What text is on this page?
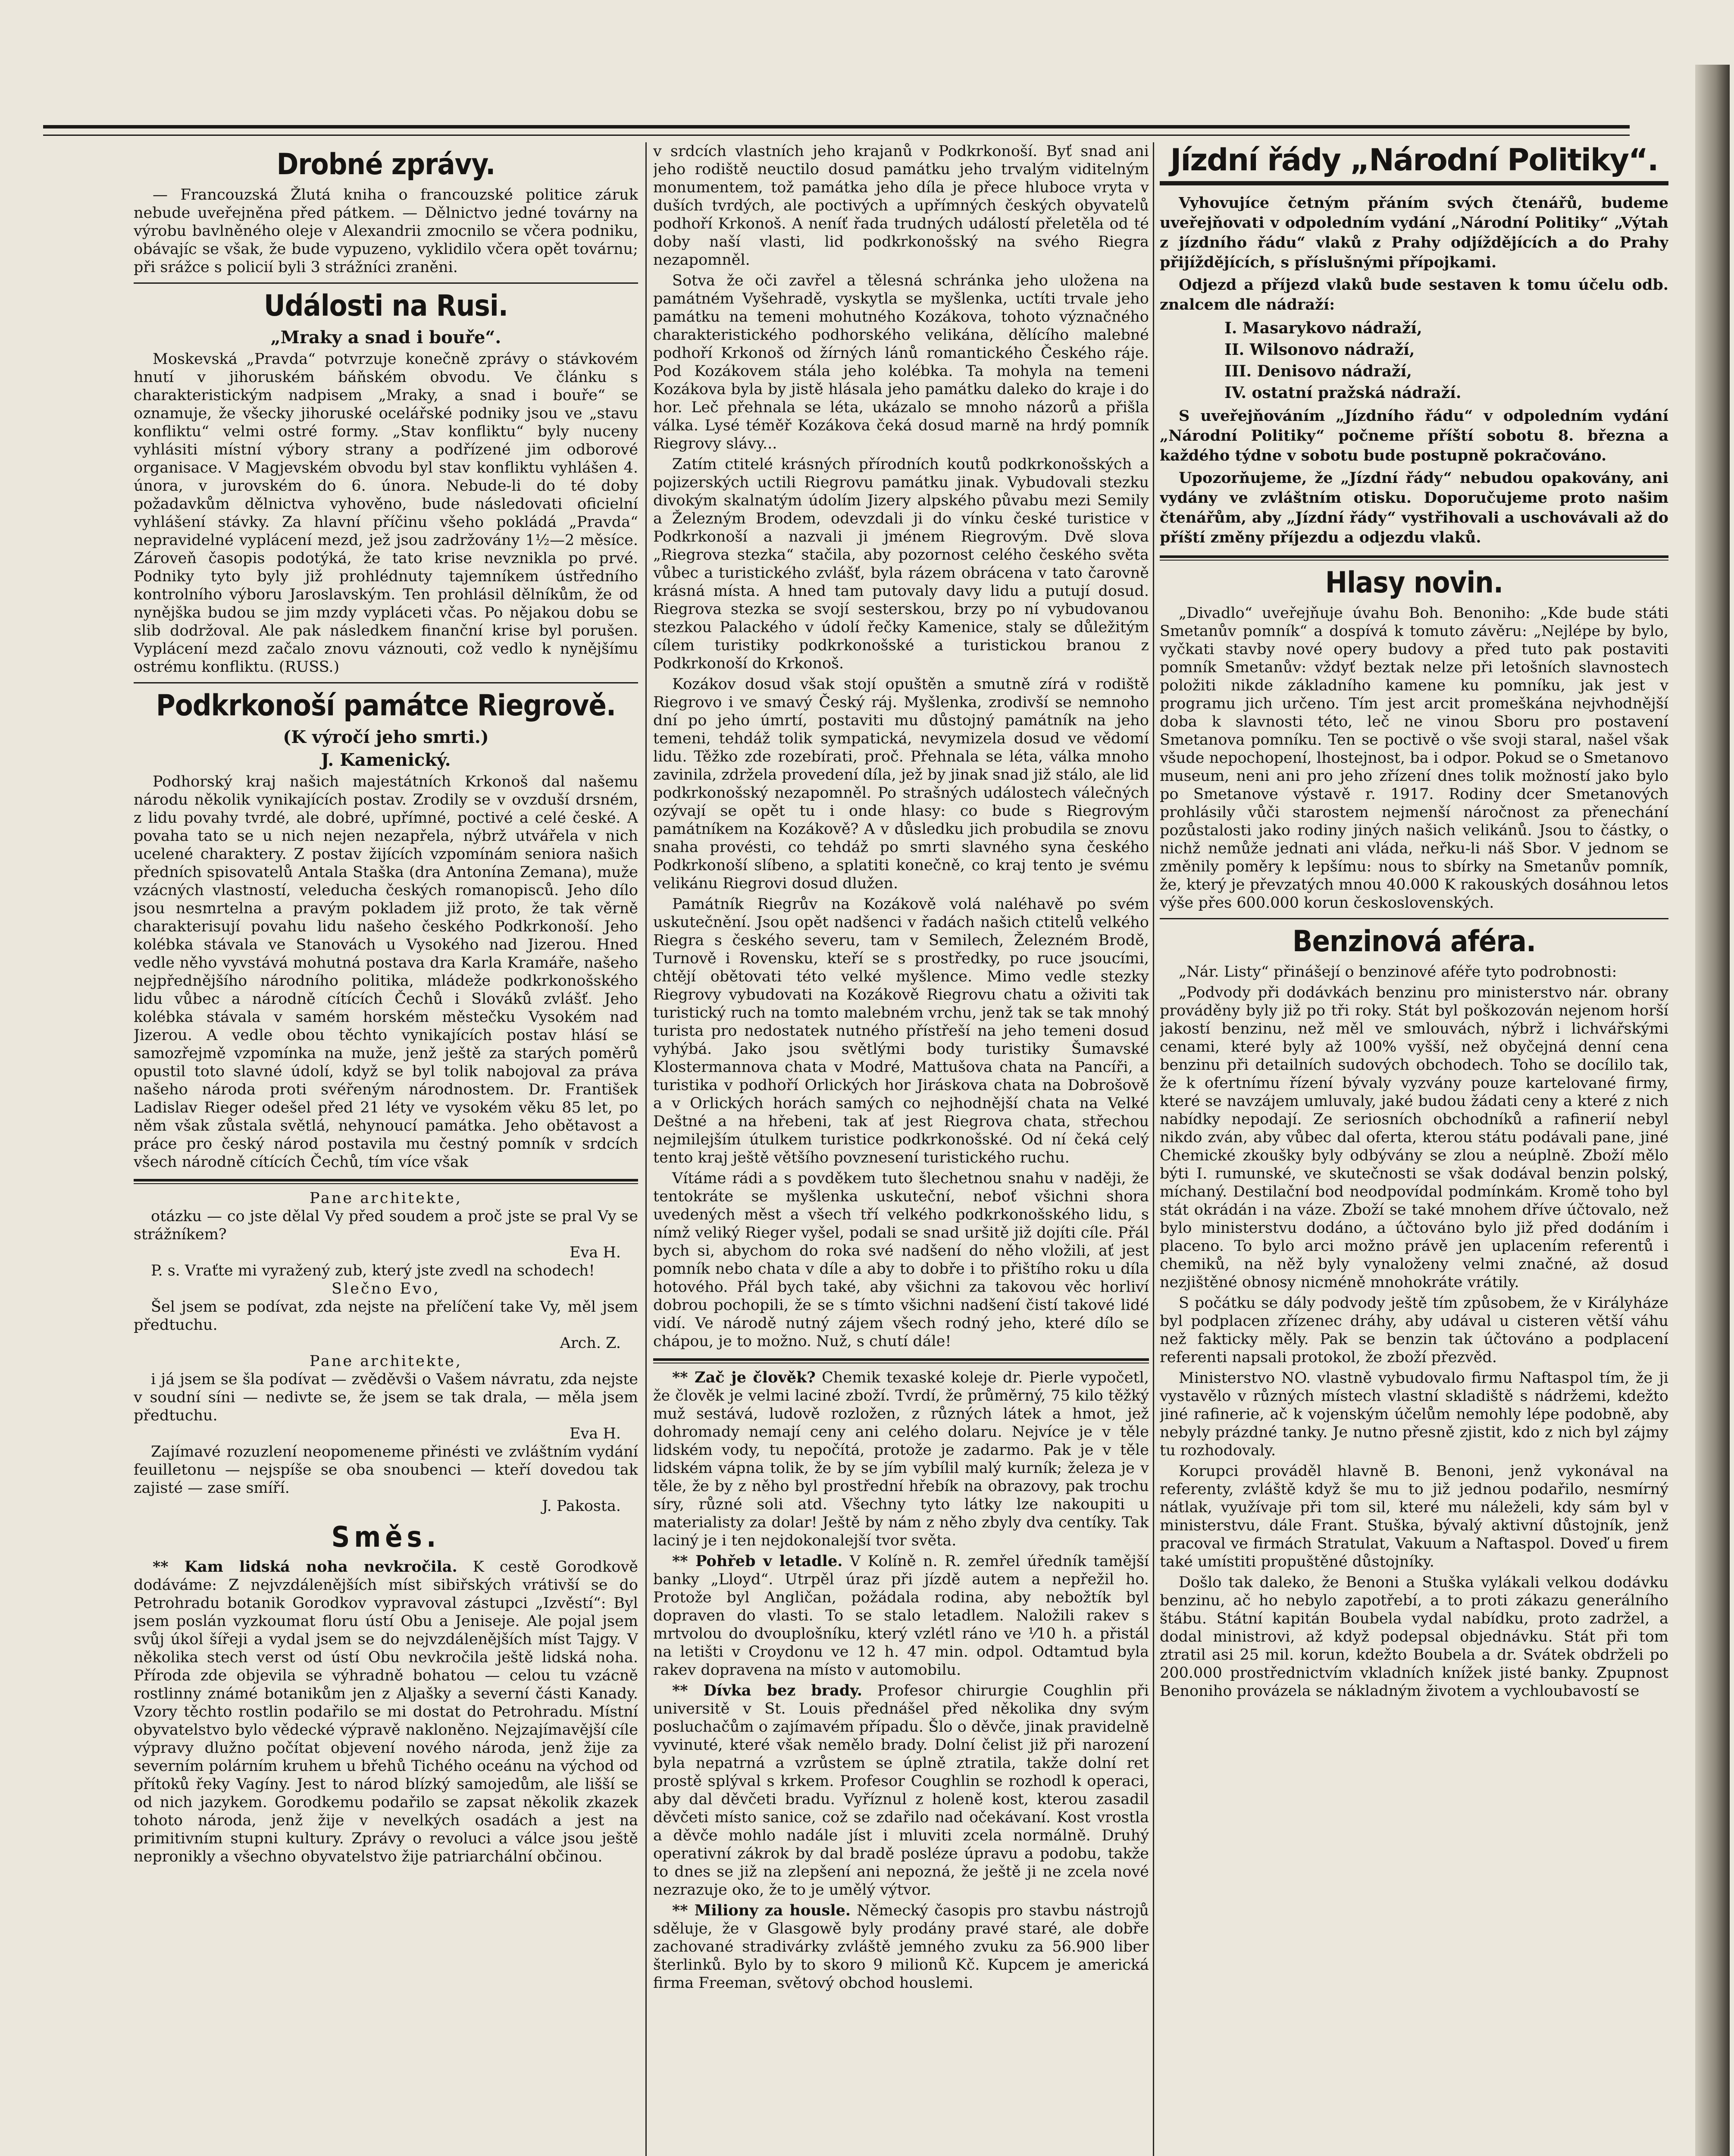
Drobné zprávy.

— Francouzská Žlutá kniha o francouzské politice záruk nebude uveřejněna před pátkem. — Dělnictvo jedné továrny na výrobu bavlněného oleje v Alexandrii zmocnilo se včera podniku, obávajíc se však, že bude vypuzeno, vyklidilo včera opět továrnu; při srážce s policií byli 3 strážníci zraněni.

Události na Rusi.
„Mraky a snad i bouře“.

Moskevská „Pravda“ potvrzuje konečně zprávy o stávkovém hnutí v jihoruském báňském obvodu. Ve článku s charakteristickým nadpisem „Mraky, a snad i bouře“ se oznamuje, že všecky jihoruské ocelářské podniky jsou ve „stavu konfliktu“ velmi ostré formy. „Stav konfliktu“ byly nuceny vyhlásiti místní výbory strany a podřízené jim odborové organisace. V Magjevském obvodu byl stav konfliktu vyhlášen 4. února, v jurovském do 6. února. Nebude-li do té doby požadavkům dělnictva vyhověno, bude následovati oficielní vyhlášení stávky. Za hlavní příčinu všeho pokládá „Pravda“ nepravidelné vyplácení mezd, jež jsou zadržovány 1½—2 měsíce. Zároveň časopis podotýká, že tato krise nevznikla po prvé. Podniky tyto byly již prohlédnuty tajemníkem ústředního kontrolního výboru Jaroslavským. Ten prohlásil dělníkům, že od nynějška budou se jim mzdy vypláceti včas. Po nějakou dobu se slib dodržoval. Ale pak následkem finanční krise byl porušen. Vyplácení mezd začalo znovu váznouti, což vedlo k nynějšímu ostrému konfliktu. (RUSS.)

Podkrkonoší památce Riegrově.
(K výročí jeho smrti.)
J. Kamenický.

Podhorský kraj našich majestátních Krkonoš dal našemu národu několik vynikajících postav. Zrodily se v ovzduší drsném, z lidu povahy tvrdé, ale dobré, upřímné, poctivé a celé české. A povaha tato se u nich nejen nezapřela, nýbrž utvářela v nich ucelené charaktery. Z postav žijících vzpomínám seniora našich předních spisovatelů Antala Staška (dra Antonína Zemana), muže vzácných vlastností, veleducha českých romanopisců. Jeho dílo jsou nesmrtelna a pravým pokladem již proto, že tak věrně charakterisují povahu lidu našeho českého Podkrkonoší. Jeho kolébka stávala ve Stanovách u Vysokého nad Jizerou. Hned vedle něho vyvstává mohutná postava dra Karla Kramáře, našeho nejpřednějšího národního politika, mládeže podkrkonošského lidu vůbec a národně cítících Čechů i Slováků zvlášť. Jeho kolébka stávala v samém horském městečku Vysokém nad Jizerou. A vedle obou těchto vynikajících postav hlásí se samozřejmě vzpomínka na muže, jenž ještě za starých poměrů opustil toto slavné údolí, když se byl tolik nabojoval za práva našeho národa proti svéřeným národnostem. Dr. František Ladislav Rieger odešel před 21 léty ve vysokém věku 85 let, po něm však zůstala světlá, nehynoucí památka. Jeho obětavost a práce pro český národ postavila mu čestný pomník v srdcích všech národně cítících Čechů, tím více však

Pane architekte,

otázku — co jste dělal Vy před soudem a proč jste se pral Vy se strážníkem?

Eva H.

P. s. Vraťte mi vyražený zub, který jste zvedl na schodech!

Slečno Evo,

Šel jsem se podívat, zda nejste na přelíčení take Vy, měl jsem předtuchu.

Arch. Z.

Pane architekte,

i já jsem se šla podívat — zvěděvši o Vašem návratu, zda nejste v soudní síni — nedivte se, že jsem se tak drala, — měla jsem předtuchu.

Eva H.

Zajímavé rozuzlení neopomeneme přinésti ve zvláštním vydání feuilletonu — nejspíše se oba snoubenci — kteří dovedou tak zajisté — zase smíří.

J. Pakosta.

Směs.

** Kam lidská noha nevkročila. K cestě Gorodkově dodáváme: Z nejvzdálenějších míst sibiřských vrátivší se do Petrohradu botanik Gorodkov vypravoval zástupci „Izvěstí“: Byl jsem poslán vyzkoumat floru ústí Obu a Jeniseje. Ale pojal jsem svůj úkol šířeji a vydal jsem se do nejvzdálenějších míst Tajgy. V několika stech verst od ústí Obu nevkročila ještě lidská noha. Příroda zde objevila se výhradně bohatou — celou tu vzácně rostlinny známé botanikům jen z Aljašky a severní části Kanady. Vzory těchto rostlin podařilo se mi dostat do Petrohradu. Místní obyvatelstvo bylo vědecké výpravě nakloněno. Nejzajímavější cíle výpravy dlužno počítat objevení nového národa, jenž žije za severním polárním kruhem u břehů Tichého oceánu na východ od přítoků řeky Vagíny. Jest to národ blízký samojedům, ale lišší se od nich jazykem. Gorodkemu podařilo se zapsat několik zkazek tohoto národa, jenž žije v nevelkých osadách a jest na primitivním stupni kultury. Zprávy o revoluci a válce jsou ještě nepronikly a všechno obyvatelstvo žije patriarchální občinou.

v srdcích vlastních jeho krajanů v Podkrkonoší. Byť snad ani jeho rodiště neuctilo dosud památku jeho trvalým viditelným monumentem, tož památka jeho díla je přece hluboce vryta v duších tvrdých, ale poctivých a upřímných českých obyvatelů podhoří Krkonoš. A neníť řada trudných událostí přeletěla od té doby naší vlasti, lid podkrkonošský na svého Riegra nezapomněl.

Sotva že oči zavřel a tělesná schránka jeho uložena na památném Vyšehradě, vyskytla se myšlenka, uctíti trvale jeho památku na temeni mohutného Kozákova, tohoto význačného charakteristického podhorského velikána, dělícího malebné podhoří Krkonoš od žírných lánů romantického Českého ráje. Pod Kozákovem stála jeho kolébka. Ta mohyla na temeni Kozákova byla by jistě hlásala jeho památku daleko do kraje i do hor. Leč přehnala se léta, ukázalo se mnoho názorů a přišla válka. Lysé téměř Kozákova čeká dosud marně na hrdý pomník Riegrovy slávy...

Zatím ctitelé krásných přírodních koutů podkrkonošských a pojizerských uctili Riegrovu památku jinak. Vybudovali stezku divokým skalnatým údolím Jizery alpského půvabu mezi Semily a Železným Brodem, odevzdali ji do vínku české turistice v Podkrkonoší a nazvali ji jménem Riegrovým. Dvě slova „Riegrova stezka“ stačila, aby pozornost celého českého světa vůbec a turistického zvlášť, byla rázem obrácena v tato čarovně krásná místa. A hned tam putovaly davy lidu a putují dosud. Riegrova stezka se svojí sesterskou, brzy po ní vybudovanou stezkou Palackého v údolí řečky Kamenice, staly se důležitým cílem turistiky podkrkonošské a turistickou branou z Podkrkonoší do Krkonoš.

Kozákov dosud však stojí opuštěn a smutně zírá v rodiště Riegrovo i ve smavý Český ráj. Myšlenka, zrodivší se nemnoho dní po jeho úmrtí, postaviti mu důstojný památník na jeho temeni, tehdáž tolik sympatická, nevymizela dosud ve vědomí lidu. Těžko zde rozebírati, proč. Přehnala se léta, válka mnoho zavinila, zdržela provedení díla, jež by jinak snad již stálo, ale lid podkrkonošský nezapomněl. Po strašných událostech válečných ozývají se opět tu i onde hlasy: co bude s Riegrovým památníkem na Kozákově? A v důsledku jich probudila se znovu snaha provésti, co tehdáž po smrti slavného syna českého Podkrkonoší slíbeno, a splatiti konečně, co kraj tento je svému velikánu Riegrovi dosud dlužen.

Památník Riegrův na Kozákově volá naléhavě po svém uskutečnění. Jsou opět nadšenci v řadách našich ctitelů velkého Riegra s českého severu, tam v Semilech, Železném Brodě, Turnově i Rovensku, kteří se s prostředky, po ruce jsoucími, chtějí obětovati této velké myšlence. Mimo vedle stezky Riegrovy vybudovati na Kozákově Riegrovu chatu a oživiti tak turistický ruch na tomto malebném vrchu, jenž tak se tak mnohý turista pro nedostatek nutného přístřeší na jeho temeni dosud vyhýbá. Jako jsou světlými body turistiky Šumavské Klostermannova chata v Modré, Mattušova chata na Pancíři, a turistika v podhoří Orlických hor Jiráskova chata na Dobrošově a v Orlických horách samých co nejhodnější chata na Velké Deštné a na hřebeni, tak ať jest Riegrova chata, střechou nejmilejším útulkem turistice podkrkonošské. Od ní čeká celý tento kraj ještě většího povznesení turistického ruchu.

Vítáme rádi a s povděkem tuto šlechetnou snahu v naději, že tentokráte se myšlenka uskuteční, neboť všichni shora uvedených měst a všech tří velkého podkrkonošského lidu, s nímž veliký Rieger vyšel, podali se snad uršitě již dojíti cíle. Přál bych si, abychom do roka své nadšení do něho vložili, ať jest pomník nebo chata v díle a aby to dobře i to přištího roku u díla hotového. Přál bych také, aby všichni za takovou věc horliví dobrou pochopili, že se s tímto všichni nadšení čistí takové lidé vidí. Ve národě nutný zájem všech rodný jeho, které dílo se chápou, je to možno. Nuž, s chutí dále!

** Zač je člověk? Chemik texaské koleje dr. Pierle vypočetl, že člověk je velmi laciné zboží. Tvrdí, že průměrný, 75 kilo těžký muž sestává, ludově rozložen, z různých látek a hmot, jež dohromady nemají ceny ani celého dolaru. Nejvíce je v těle lidském vody, tu nepočítá, protože je zadarmo. Pak je v těle lidském vápna tolik, že by se jím vybílil malý kurník; železa je v těle, že by z něho byl prostřední hřebík na obrazovy, pak trochu síry, různé soli atd. Všechny tyto látky lze nakoupiti u materialisty za dolar! Ještě by nám z něho zbyly dva centíky. Tak laciný je i ten nejdokonalejší tvor světa.

** Pohřeb v letadle. V Kolíně n. R. zemřel úředník tamější banky „Lloyd“. Utrpěl úraz při jízdě autem a nepřežil ho. Protože byl Angličan, požádala rodina, aby nebožtík byl dopraven do vlasti. To se stalo letadlem. Naložili rakev s mrtvolou do dvouplošníku, který vzlétl ráno ve ¹⁄10 h. a přistál na letišti v Croydonu ve 12 h. 47 min. odpol. Odtamtud byla rakev dopravena na místo v automobilu.

** Dívka bez brady. Profesor chirurgie Coughlin při universitě v St. Louis přednášel před několika dny svým posluchačům o zajímavém případu. Šlo o děvče, jinak pravidelně vyvinuté, které však nemělo brady. Dolní čelist již při narození byla nepatrná a vzrůstem se úplně ztratila, takže dolní ret prostě splýval s krkem. Profesor Coughlin se rozhodl k operaci, aby dal děvčeti bradu. Vyříznul z holeně kost, kterou zasadil děvčeti místo sanice, což se zdařilo nad očekávaní. Kost vrostla a děvče mohlo nadále jíst i mluviti zcela normálně. Druhý operativní zákrok by dal bradě posléze úpravu a podobu, takže to dnes se již na zlepšení ani nepozná, že ještě ji ne zcela nové nezrazuje oko, že to je umělý výtvor.

** Miliony za housle. Německý časopis pro stavbu nástrojů sděluje, že v Glasgowě byly prodány pravé staré, ale dobře zachované stradivárky zvláště jemného zvuku za 56.900 liber šterlinků. Bylo by to skoro 9 milionů Kč. Kupcem je americká firma Freeman, světový obchod houslemi.

Jízdní řády „Národní Politiky“.

Vyhovujíce četným přáním svých čtenářů, budeme uveřejňovati v odpoledním vydání „Národní Politiky“ „Výtah z jízdního řádu“ vlaků z Prahy odjíždějících a do Prahy přijíždějících, s příslušnými přípojkami.

Odjezd a příjezd vlaků bude sestaven k tomu účelu odb. znalcem dle nádraží:

I. Masarykovo nádraží,
II. Wilsonovo nádraží,
III. Denisovo nádraží,
IV. ostatní pražská nádraží.

S uveřejňováním „Jízdního řádu“ v odpoledním vydání „Národní Politiky“ počneme příští sobotu 8. března a každého týdne v sobotu bude postupně pokračováno.

Upozorňujeme, že „Jízdní řády“ nebudou opakovány, ani vydány ve zvláštním otisku. Doporučujeme proto našim čtenářům, aby „Jízdní řády“ vystřihovali a uschovávali až do příští změny příjezdu a odjezdu vlaků.

Hlasy novin.

„Divadlo“ uveřejňuje úvahu Boh. Benoniho: „Kde bude státi Smetanův pomník“ a dospívá k tomuto závěru: „Nejlépe by bylo, vyčkati stavby nové opery budovy a před tuto pak postaviti pomník Smetanův: vždyť beztak nelze při letošních slavnostech položiti nikde základního kamene ku pomníku, jak jest v programu jich určeno. Tím jest arcit promeškána nejvhodnější doba k slavnosti této, leč ne vinou Sboru pro postavení Smetanova pomníku. Ten se poctivě o vše svoji staral, našel však všude nepochopení, lhostejnost, ba i odpor. Pokud se o Smetanovo museum, neni ani pro jeho zřízení dnes tolik možností jako bylo po Smetanove výstavě r. 1917. Rodiny dcer Smetanových prohlásily vůči starostem nejmenší náročnost za přenechání pozůstalosti jako rodiny jiných našich velikánů. Jsou to částky, o nichž nemůže jednati ani vláda, neřku-li náš Sbor. V jednom se změnily poměry k lepšímu: nous to sbírky na Smetanův pomník, že, který je převzatých mnou 40.000 K rakouských dosáhnou letos výše přes 600.000 korun československých.

Benzinová aféra.

„Nár. Listy“ přinášejí o benzinové aféře tyto podrobnosti:

„Podvody při dodávkách benzinu pro ministerstvo nár. obrany prováděny byly již po tři roky. Stát byl poškozován nejenom horší jakostí benzinu, než měl ve smlouvách, nýbrž i lichvářskými cenami, které byly až 100% vyšší, než obyčejná denní cena benzinu při detailních sudových obchodech. Toho se docílilo tak, že k ofertnímu řízení bývaly vyzvány pouze kartelované firmy, které se navzájem umluvaly, jaké budou žádati ceny a které z nich nabídky nepodají. Ze seriosních obchodníků a rafinerií nebyl nikdo zván, aby vůbec dal oferta, kterou státu podávali pane, jiné Chemické zkoušky byly odbývány se zlou a neúplně. Zboží mělo býti I. rumunské, ve skutečnosti se však dodával benzin polský, míchaný. Destilační bod neodpovídal podmínkám. Kromě toho byl stát okrádán i na váze. Zboží se také mnohem dříve účtovalo, než bylo ministerstvu dodáno, a účtováno bylo již před dodáním i placeno. To bylo arci možno právě jen uplacením referentů i chemiků, na něž byly vynaloženy velmi značné, až dosud nezjištěné obnosy nicméně mnohokráte vrátily.

S počátku se dály podvody ještě tím způsobem, že v Királyháze byl podplacen zřízenec dráhy, aby udával u cisteren větší váhu než fakticky měly. Pak se benzin tak účtováno a podplacení referenti napsali protokol, že zboží přezvěd.

Ministerstvo NO. vlastně vybudovalo firmu Naftaspol tím, že ji vystavělo v různých místech vlastní skladiště s nádržemi, kdežto jiné rafinerie, ač k vojenským účelům nemohly lépe podobně, aby nebyly prázdné tanky. Je nutno přesně zjistit, kdo z nich byl zájmy tu rozhodovaly.

Korupci prováděl hlavně B. Benoni, jenž vykonával na referenty, zvláště když še mu to již jednou podařilo, nesmírný nátlak, využívaje při tom sil, které mu náleželi, kdy sám byl v ministerstvu, dále Frant. Stuška, bývalý aktivní důstojník, jenž pracoval ve firmách Stratulat, Vakuum a Naftaspol. Doveď u firem také umístiti propuštěné důstojníky.

Došlo tak daleko, že Benoni a Stuška vylákali velkou dodávku benzinu, ač ho nebylo zapotřebí, a to proti zákazu generálního štábu. Státní kapitán Boubela vydal nabídku, proto zadržel, a dodal ministrovi, až když podepsal objednávku. Stát při tom ztratil asi 25 mil. korun, kdežto Boubela a dr. Svátek obdrželi po 200.000 prostřednictvím vkladních knížek jisté banky. Zpupnost Benoniho provázela se nákladným životem a vychloubavostí se
